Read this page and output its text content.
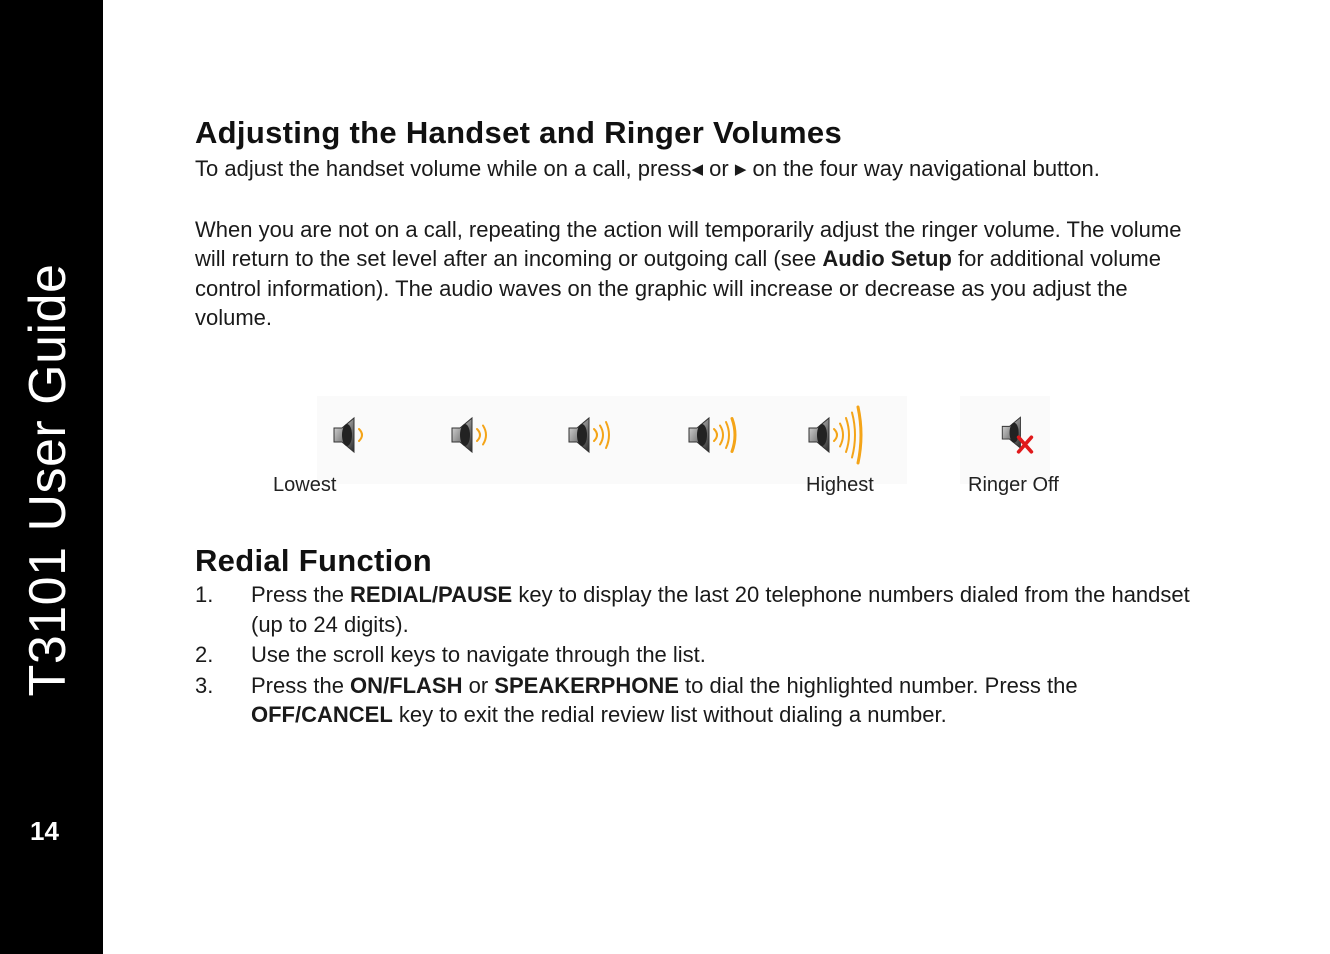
T3101 User Guide
14
Adjusting the Handset and Ringer Volumes

To adjust the handset volume while on a call, press◀ or ▶ on the four way navigational button.

When you are not on a call, repeating the action will temporarily adjust the ringer volume. The volume will return to the set level after an incoming or outgoing call (see Audio Setup for additional volume control information). The audio waves on the graphic will increase or decrease as you adjust the volume.

Lowest	Highest	Ringer Off
Redial Function
1. Press the REDIAL/PAUSE key to display the last 20 telephone numbers dialed from the handset (up to 24 digits).
2. Use the scroll keys to navigate through the list.
3. Press the ON/FLASH or SPEAKERPHONE to dial the highlighted number. Press the OFF/CANCEL key to exit the redial review list without dialing a number.
